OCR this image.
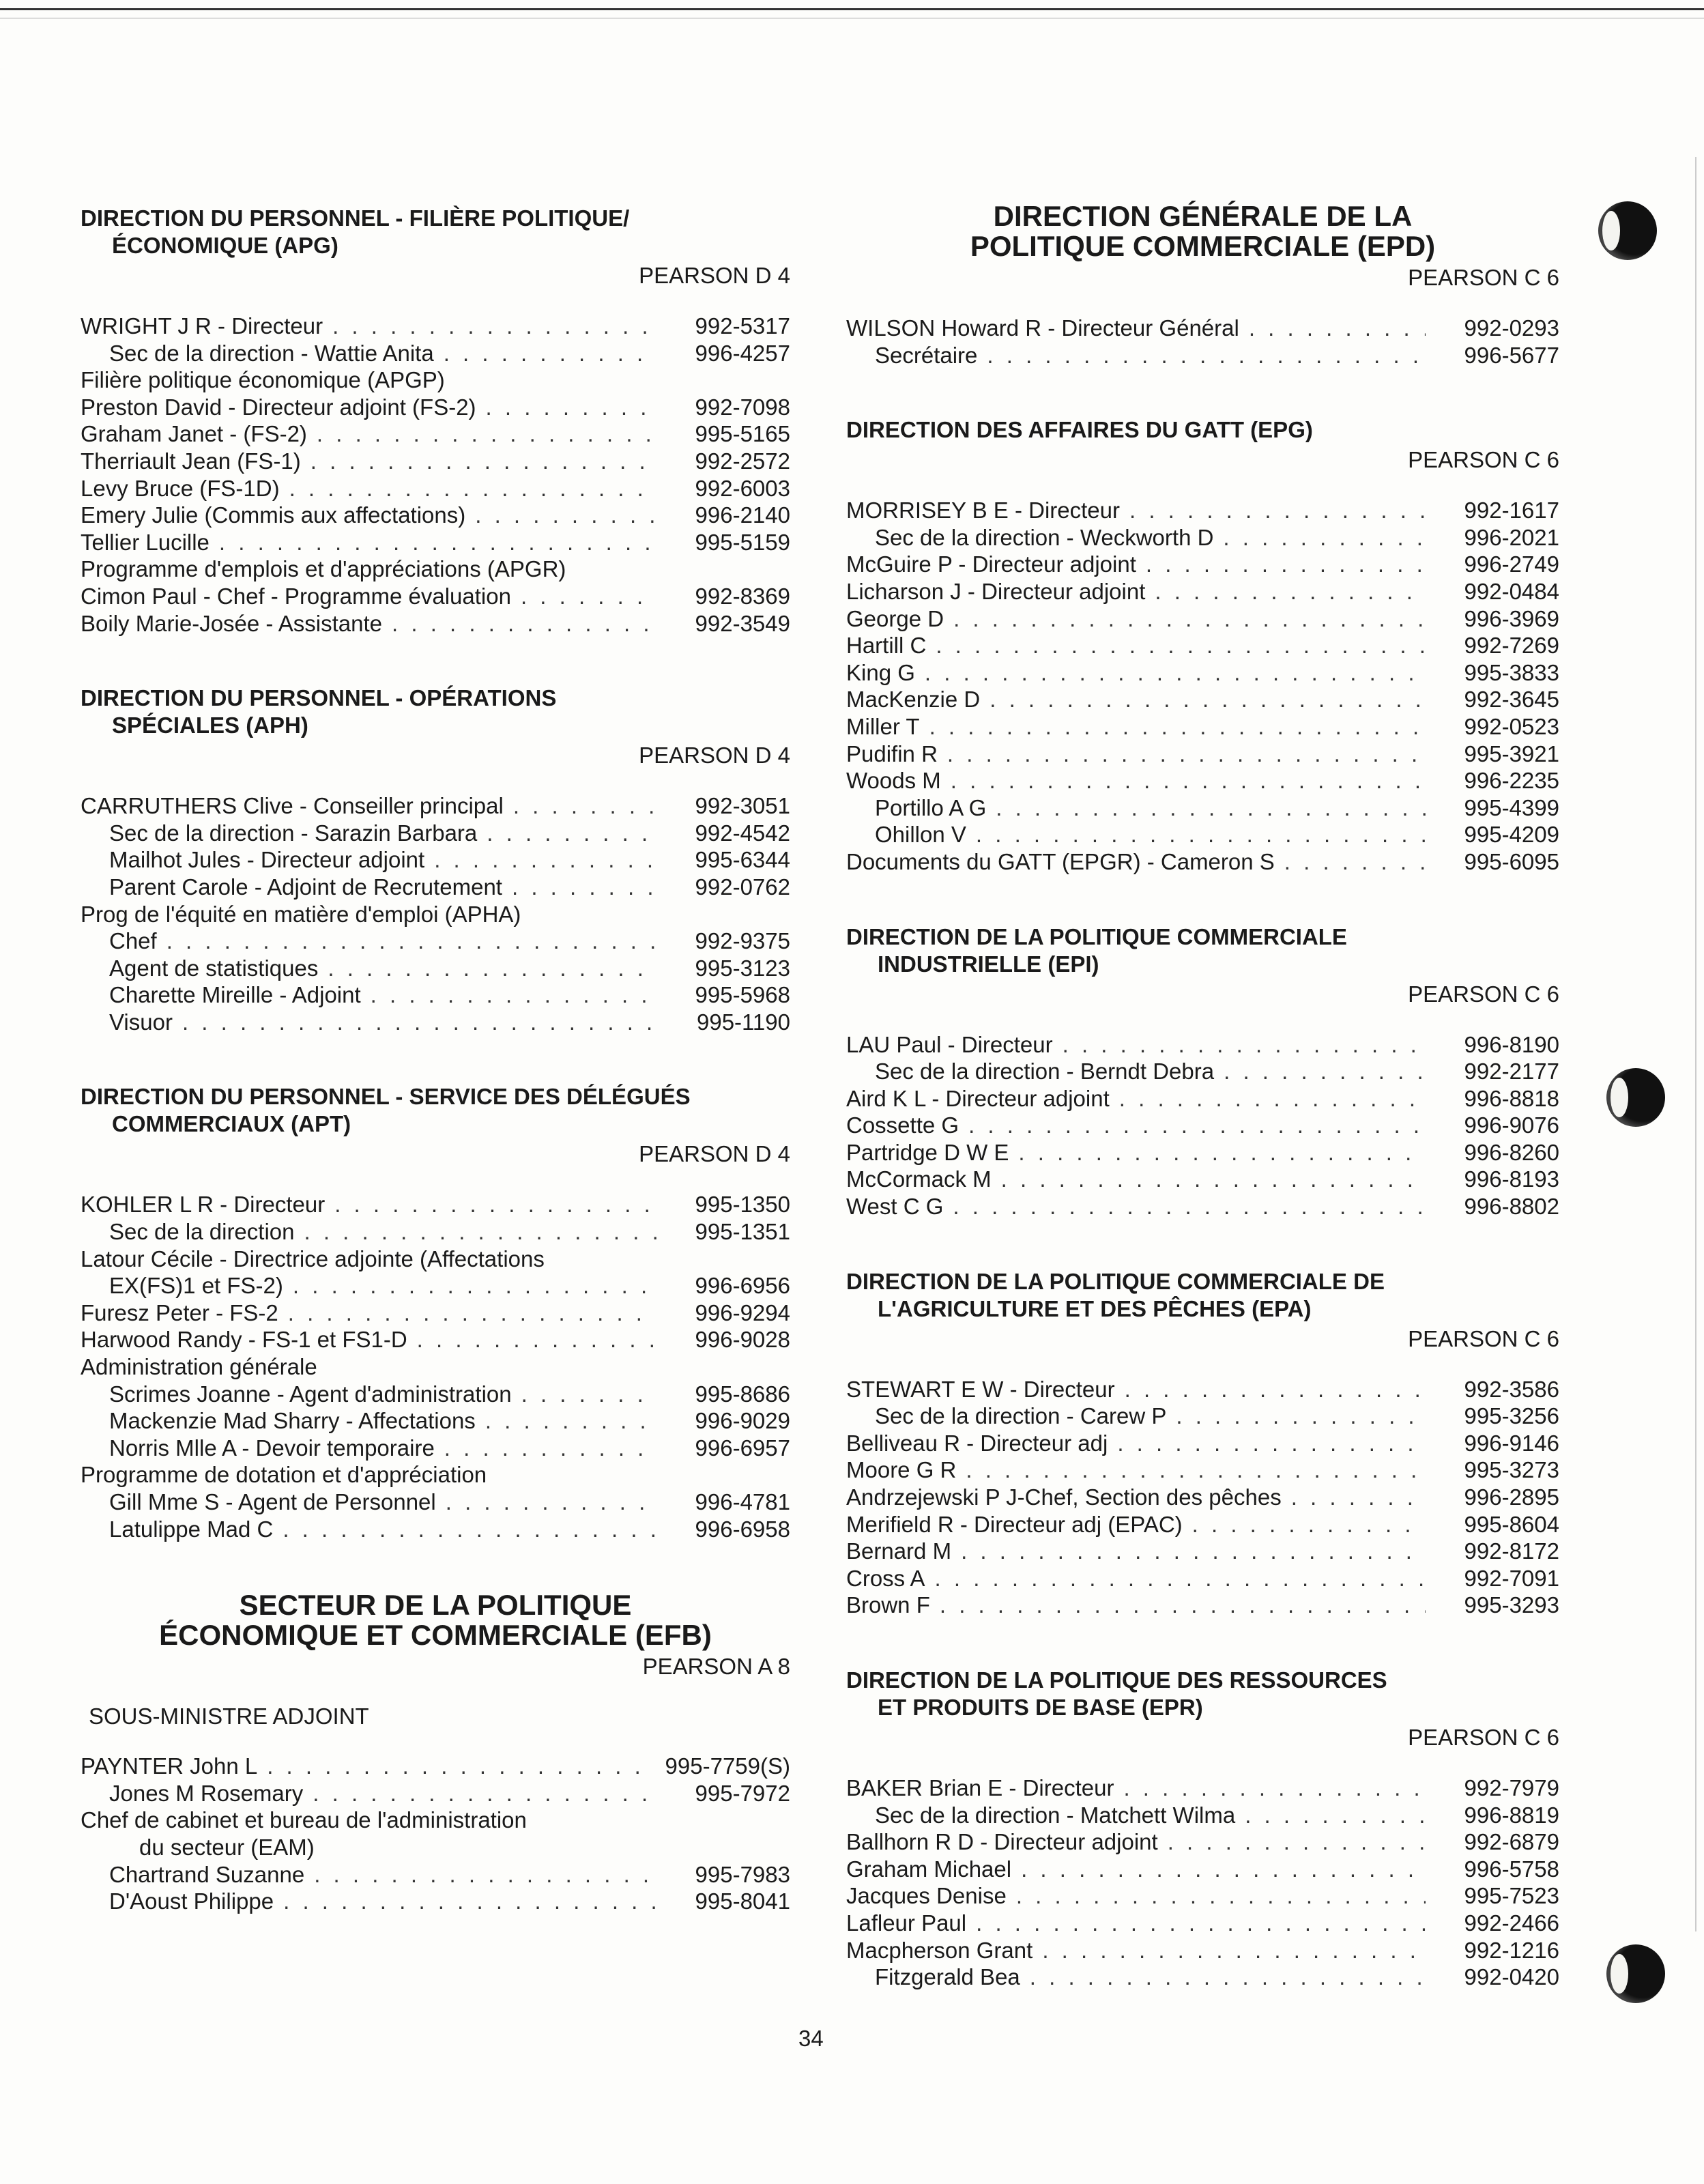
DIRECTION DU PERSONNEL - FILIÈRE POLITIQUE/
ÉCONOMIQUE (APG)
PEARSON D 4
WRIGHT J R - Directeur . . .	992-5317
Sec de la direction - Wattie Anita . . .	996-4257
Filière politique économique (APGP)
Preston David - Directeur adjoint (FS-2) . . .	992-7098
Graham Janet - (FS-2) . . .	995-5165
Therriault Jean (FS-1) . . .	992-2572
Levy Bruce (FS-1D) . . .	992-6003
Emery Julie (Commis aux affectations) . . .	996-2140
Tellier Lucille . . .	995-5159
Programme d'emplois et d'appréciations (APGR)
Cimon Paul - Chef - Programme évaluation . . .	992-8369
Boily Marie-Josée - Assistante . . .	992-3549
DIRECTION DU PERSONNEL - OPÉRATIONS
SPÉCIALES (APH)
PEARSON D 4
CARRUTHERS Clive - Conseiller principal . . .	992-3051
Sec de la direction - Sarazin Barbara . . .	992-4542
Mailhot Jules - Directeur adjoint . . .	995-6344
Parent Carole - Adjoint de Recrutement . . .	992-0762
Prog de l'équité en matière d'emploi (APHA)
Chef . . .	992-9375
Agent de statistiques . . .	995-3123
Charette Mireille - Adjoint . . .	995-5968
Visuor . . .	995-1190
DIRECTION DU PERSONNEL - SERVICE DES DÉLÉGUÉS
COMMERCIAUX (APT)
PEARSON D 4
KOHLER L R - Directeur . . .	995-1350
Sec de la direction . . .	995-1351
Latour Cécile - Directrice adjointe (Affectations
EX(FS)1 et FS-2) . . .	996-6956
Furesz Peter - FS-2 . . .	996-9294
Harwood Randy - FS-1 et FS1-D . . .	996-9028
Administration générale
Scrimes Joanne - Agent d'administration . . .	995-8686
Mackenzie Mad Sharry - Affectations . . .	996-9029
Norris Mlle A - Devoir temporaire . . .	996-6957
Programme de dotation et d'appréciation
Gill Mme S - Agent de Personnel . . .	996-4781
Latulippe Mad C . . .	996-6958
SECTEUR DE LA POLITIQUE
ÉCONOMIQUE ET COMMERCIALE (EFB)
PEARSON A 8
SOUS-MINISTRE ADJOINT
PAYNTER John L . . .	995-7759(S)
Jones M Rosemary . . .	995-7972
Chef de cabinet et bureau de l'administration
du secteur (EAM)
Chartrand Suzanne . . .	995-7983
D'Aoust Philippe . . .	995-8041
DIRECTION GÉNÉRALE DE LA
POLITIQUE COMMERCIALE (EPD)
PEARSON C 6
WILSON Howard R - Directeur Général . . .	992-0293
Secrétaire . . .	996-5677
DIRECTION DES AFFAIRES DU GATT (EPG)
PEARSON C 6
MORRISEY B E - Directeur . . .	992-1617
Sec de la direction - Weckworth D . . .	996-2021
McGuire P - Directeur adjoint . . .	996-2749
Licharson J - Directeur adjoint . . .	992-0484
George D . . .	996-3969
Hartill C . . .	992-7269
King G . . .	995-3833
MacKenzie D . . .	992-3645
Miller T . . .	992-0523
Pudifin R . . .	995-3921
Woods M . . .	996-2235
Portillo A G . . .	995-4399
Ohillon V . . .	995-4209
Documents du GATT (EPGR) - Cameron S . . .	995-6095
DIRECTION DE LA POLITIQUE COMMERCIALE
INDUSTRIELLE (EPI)
PEARSON C 6
LAU Paul - Directeur . . .	996-8190
Sec de la direction - Berndt Debra . . .	992-2177
Aird K L - Directeur adjoint . . .	996-8818
Cossette G . . .	996-9076
Partridge D W E . . .	996-8260
McCormack M . . .	996-8193
West C G . . .	996-8802
DIRECTION DE LA POLITIQUE COMMERCIALE DE
L'AGRICULTURE ET DES PÊCHES (EPA)
PEARSON C 6
STEWART E W - Directeur . . .	992-3586
Sec de la direction - Carew P . . .	995-3256
Belliveau R - Directeur adj . . .	996-9146
Moore G R . . .	995-3273
Andrzejewski P J-Chef, Section des pêches . . .	996-2895
Merifield R - Directeur adj (EPAC) . . .	995-8604
Bernard M . . .	992-8172
Cross A . . .	992-7091
Brown F . . .	995-3293
DIRECTION DE LA POLITIQUE DES RESSOURCES
ET PRODUITS DE BASE (EPR)
PEARSON C 6
BAKER Brian E - Directeur . . .	992-7979
Sec de la direction - Matchett Wilma . . .	996-8819
Ballhorn R D - Directeur adjoint . . .	992-6879
Graham Michael . . .	996-5758
Jacques Denise . . .	995-7523
Lafleur Paul . . .	992-2466
Macpherson Grant . . .	992-1216
Fitzgerald Bea . . .	992-0420
34
